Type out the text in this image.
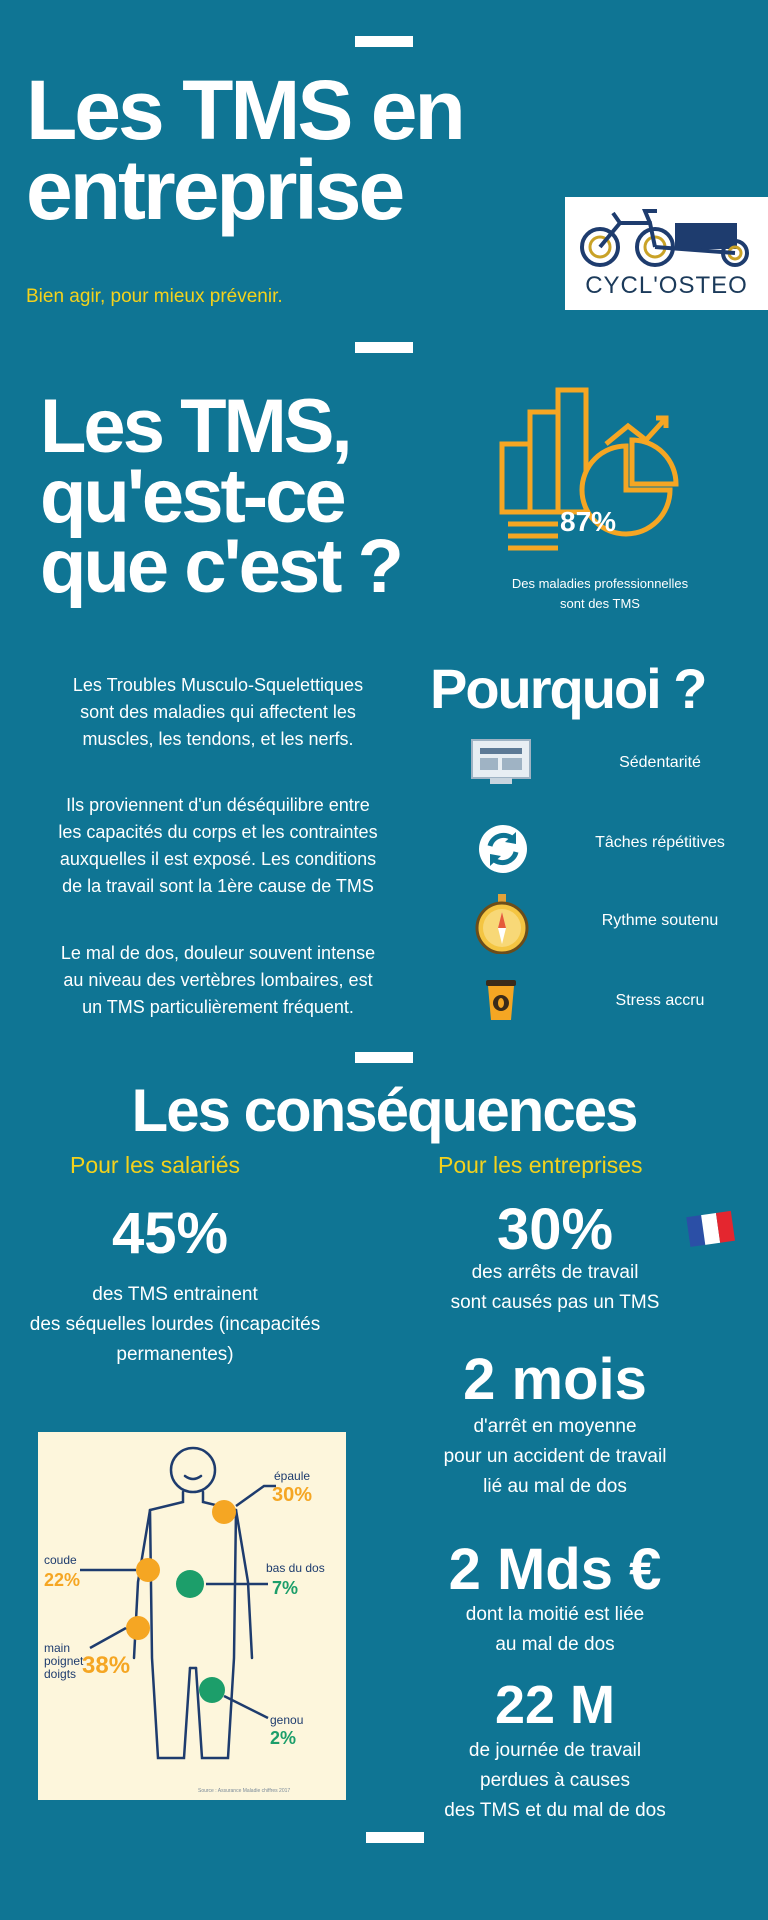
Les TMS en
entreprise
Bien agir, pour mieux prévenir.	CYCL'OSTEO
Les TMS,
qu'est-ce
que c'est ?
87%
Des maladies professionnelles
sont des TMS
Les Troubles Musculo-Squelettiques
sont des maladies qui affectent les
muscles, les tendons, et les nerfs.
Ils proviennent d'un déséquilibre entre
les capacités du corps et les contraintes
auxquelles il est exposé. Les conditions
de la travail sont la 1ère cause de TMS
Le mal de dos, douleur souvent intense
au niveau des vertèbres lombaires, est
un TMS particulièrement fréquent.
Pourquoi ?
Sédentarité
Tâches répétitives
Rythme soutenu
Stress accru
Les conséquences
Pour les salariés	Pour les entreprises
45%
des TMS entrainent
des séquelles lourdes (incapacités
permanentes)
30%
des arrêts de travail
sont causés pas un TMS
2 mois
d'arrêt en moyenne
pour un accident de travail
lié au mal de dos
2 Mds €
dont la moitié est liée
au mal de dos
22 M
de journée de travail
perdues à causes
des TMS et du mal de dos
épaule
30%
coude
22%
bas du dos
7%
main
poignet
doigts 38%
genou
2%
Source : Assurance Maladie chiffres 2017
